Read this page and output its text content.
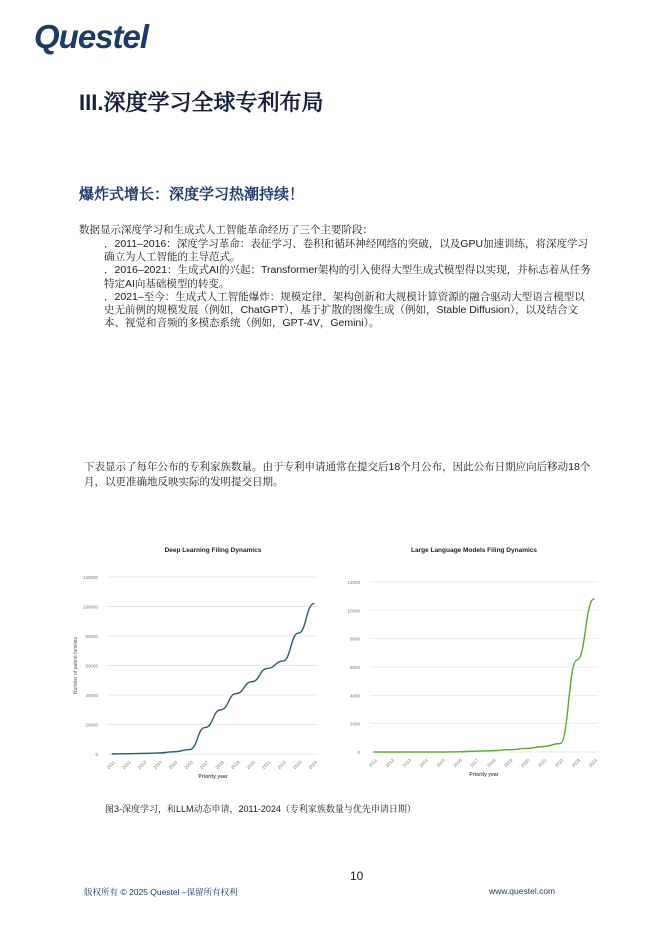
Questel
III.深度学习全球专利布局
爆炸式增长：深度学习热潮持续！
数据显示深度学习和生成式人工智能革命经历了三个主要阶段：
．2011–2016：深度学习革命：表征学习、卷积和循环神经网络的突破，以及GPU加速训练，将深度学习确立为人工智能的主导范式。
．2016–2021：生成式AI的兴起：Transformer架构的引入使得大型生成式模型得以实现，并标志着从任务特定AI向基础模型的转变。
．2021–至今：生成式人工智能爆炸：规模定律、架构创新和大规模计算资源的融合驱动大型语言模型以史无前例的规模发展（例如，ChatGPT），基于扩散的图像生成（例如，Stable Diffusion），以及结合文本、视觉和音频的多模态系统（例如，GPT-4V，Gemini）。
下表显示了每年公布的专利家族数量。由于专利申请通常在提交后18个月公布，因此公布日期应向后移动18个月，以更准确地反映实际的发明提交日期。
Deep Learning Filing Dynamics
0
20000
40000
60000
80000
100000
120000
2011 2012 2013 2014 2015 2016 2017 2018 2019 2020 2021 2022 2023 2024
Priority year
Number of patent families
Large Language Models Filing Dynamics
0
2000
4000
6000
8000
10000
12000
2011 2012 2013 2014 2015 2016 2017 2018 2019 2020 2021 2022 2023 2024
Priority year
图3-深度学习，和LLM动态申请，2011-2024（专利家族数量与优先申请日期）
10
版权所有 © 2025 Questel –保留所有权利	www.questel.com
